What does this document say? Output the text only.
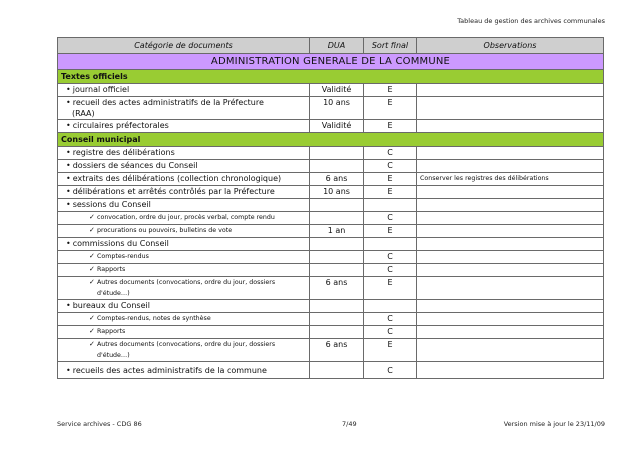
Tableau de gestion des archives communales
Catégorie de documents	DUA	Sort final	Observations
ADMINISTRATION GENERALE DE LA COMMUNE			
Textes officiels			
• journal officiel	Validité	E	

• recueil des actes administratifs de la Préfecture
(RAA)	10 ans	E	
• circulaires préfectorales	Validité	E	
Conseil municipal			
• registre des délibérations		C	
• dossiers de séances du Conseil		C	
• extraits des délibérations (collection chronologique)	6 ans	E	Conserver les registres des délibérations
• délibérations et arrêtés contrôlés par la Préfecture	10 ans	E	
• sessions du Conseil			

✓ convocation, ordre du jour, procès verbal, compte rendu		C	

✓ procurations ou pouvoirs, bulletins de vote	1 an	E	
• commissions du Conseil			

✓ Comptes-rendus		C	

✓ Rapports		C	

✓ Autres documents (convocations, ordre du jour, dossiers
d'étude…)	6 ans	E	
• bureaux du Conseil			

✓ Comptes-rendus, notes de synthèse		C	

✓ Rapports		C	

✓ Autres documents (convocations, ordre du jour, dossiers
d'étude…)	6 ans	E	
• recueils des actes administratifs de la commune		C	
Service archives - CDG 86	7/49	Version mise à jour le 23/11/09
